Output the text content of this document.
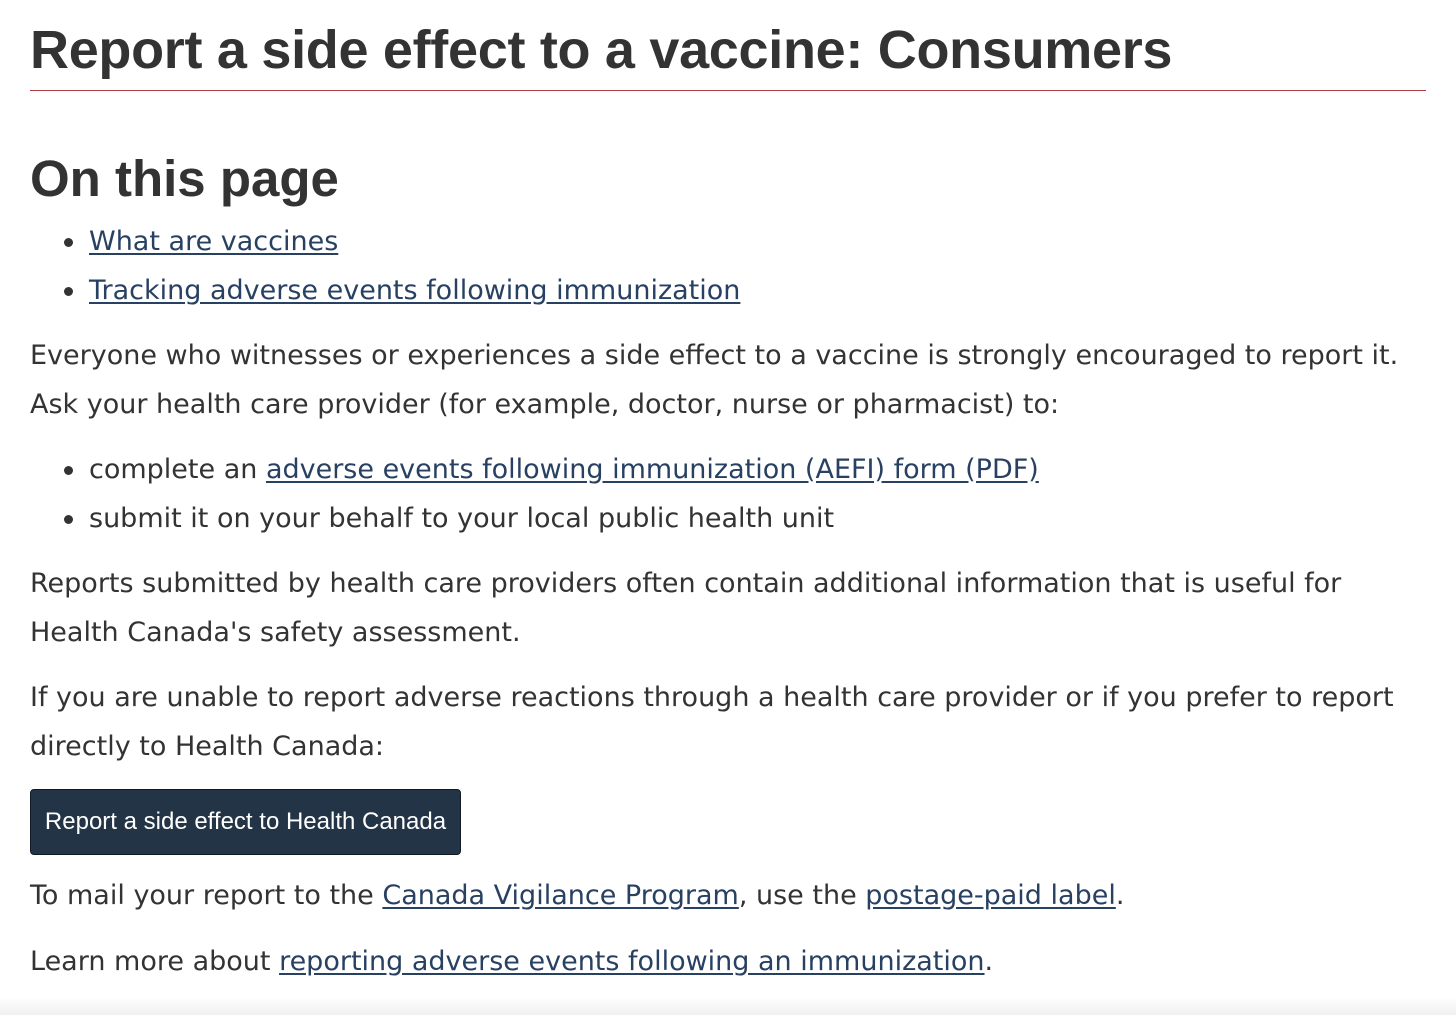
Report a side effect to a vaccine: Consumers
On this page
What are vaccines
Tracking adverse events following immunization

Everyone who witnesses or experiences a side effect to a vaccine is strongly encouraged to report it. Ask your health care provider (for example, doctor, nurse or pharmacist) to:

complete an adverse events following immunization (AEFI) form (PDF)
submit it on your behalf to your local public health unit

Reports submitted by health care providers often contain additional information that is useful for Health Canada's safety assessment.

If you are unable to report adverse reactions through a health care provider or if you prefer to report directly to Health Canada:

Report a side effect to Health Canada

To mail your report to the Canada Vigilance Program, use the postage-paid label.

Learn more about reporting adverse events following an immunization.
